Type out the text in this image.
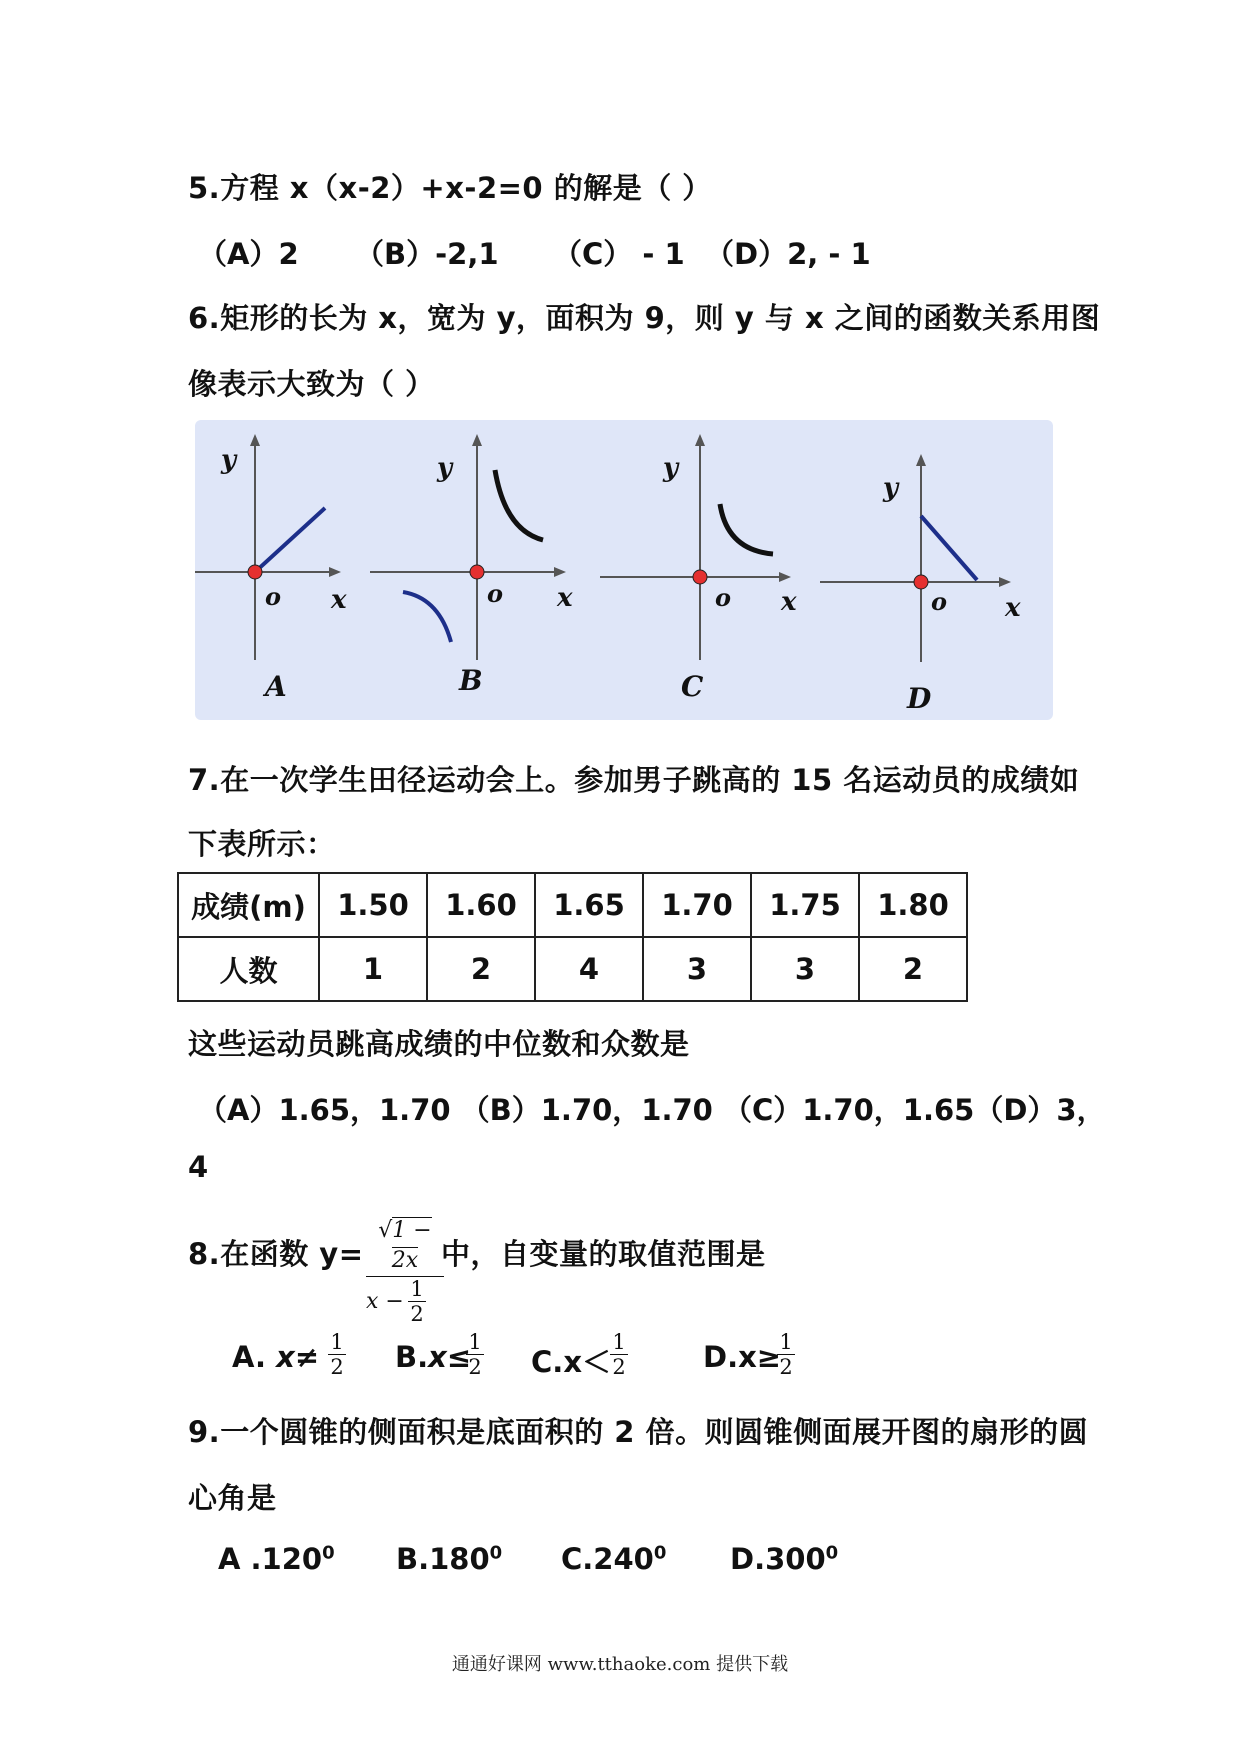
5.方程 x（x-2）+x-2=0 的解是（ ）
（A）2 （B）-2,1 （C） - 1 （D）2, - 1
6.矩形的长为 x，宽为 y，面积为 9，则 y 与 x 之间的函数关系用图
像表示大致为（ ）
y
o x
A
y
o x
B
y
o x
C
y
o x
D
7.在一次学生田径运动会上。参加男子跳高的 15 名运动员的成绩如
下表所示：
成绩(m)	1.50	1.60	1.65	1.70	1.75	1.80
人数	1	2	4	3	3	2
这些运动员跳高成绩的中位数和众数是
（A）1.65，1.70 （B）1.70，1.70 （C）1.70，1.65（D）3，
4
8.在函数 y=
√1 − 2x
x − 1
2
中，自变量的取值范围是
A. x≠ 1
2 B.x≤
1
2 C.x＜
1
2	D.x≥
1
2
9.一个圆锥的侧面积是底面积的 2 倍。则圆锥侧面展开图的扇形的圆
心角是
A .120$^0$ B.180$^0$ C.240$^0$ D.300$^0$
通通好课网 www.tthaoke.com 提供下载
